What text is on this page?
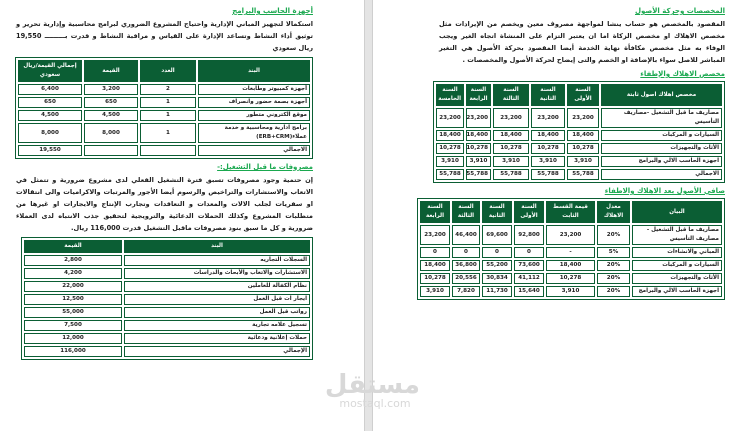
أجهزة الحاسب والبرامج
استكمالا لتجهيز المباني الإدارية واحتياج المشروع الضروري لبرامج محاسبية وإدارية تحرير و توثيق أداء النشاط وتساعد الإدارة على القياس و مراقبة النشاط و قدرت بـــــــــ 19,550 ريال سعودي
البند	العدد	القيمة	إجمالي القيمة/ريال سعودي
أجهزة كمبيوتر وطابعات	2	3,200	6,400
أجهزة بصمة حضور وانصراف	1	650	650
موقع الكتروني متطور	1	4,500	4,500
برامج ادارية ومحاسبية و خدمة عملاء(ERB+CRM)	1	8,000	8,000
الاجمالي			19,550
مصروفات ما قبل التشغيل:-
إن حتمية وجود مصروفات تسبق فترة التشغيل الفعلي لدى مشروع ضرورية و تتمثل في الاتعاب والاستشارات والتراخيص والرسوم أيضا الأجور والمرتبات والاكراميات والى انتقالات او سفريات لجلب الالات والمعدات و التعاقدات وتجارب الإنتاج والايجارات او غيرها من متطلبات المشروع وكذلك الحملات الدعائية والترويجية لتحقيق جذب الانتباه لدى العملاء ضرورية و كل ما سبق بنود مصروفات ماقبل التشغيل قدرت 116,000 ريال.
البند	القيمة
السجلات التجاريه	2,800
الاستشارات والاتعاب والأبحاث والدراسات	4,200
نظام الكفالة للعاملين	22,000
ايجار ات قبل العمل	12,500
رواتب قبل العمل	55,000
تسجيل علامه تجارية	7,500
حملات إعلانية ودعائية	12,000
الإجمالي	116,000
المخصصات وحركة الأصول
المقصود بالمخصص هو حساب ينشا لمواجهة مصروف معين ويخصم من الإيرادات مثل مخصص الاهلاك او مخصص الزكاة اما ان يعتبر التزام على المنشاة اتجاه الغير ويجب الوفاء به مثل مخصص مكافأة نهاية الخدمة أيضا المقصود بحركة الأصول هي التغير المباشر للاصل سواء بالإضافة او الخصم والتى إيضاح لحركة الأصول والمخصصات .
مخصص الاهلاك والإطفاء
مخصص اهلاك اصول ثابتة	السنة الأولى	السنة الثانية	السنة الثالثة	السنة الرابعة	السنة الخامسة
مصاريف ما قبل التشغيل -مصاريف التأسيس	23,200	23,200	23,200	23,200	23,200
السيارات و المركبات	18,400	18,400	18,400	18,400	18,400
الأثاث والتجهيزات	10,278	10,278	10,278	10,278	10,278
اجهزة الحاسب الالي والبرامج	3,910	3,910	3,910	3,910	3,910
الاجمالي	55,788	55,788	55,788	55,788	55,788
صافي الأصول بعد الاهلاك والاطفاء
البيان	معدل الاهلاك	قيمة القسط الثابت	السنة الأولى	السنة الثانية	السنة الثالثة	السنة الرابعة
مصاريف ما قبل التشغيل - مصاريف التأسيس	20%	23,200	92,800	69,600	46,400	23,200
المباني والانشاءات	5%	-	0	0	0	0
السيارات و المركبات	20%	18,400	73,600	55,200	36,800	18,400
الأثاث والتجهيزات	20%	10,278	41,112	30,834	20,556	10,278
اجهزة الحاسب الالي والبرامج	20%	3,910	15,640	11,730	7,820	3,910
مستقل
mostaql.com
